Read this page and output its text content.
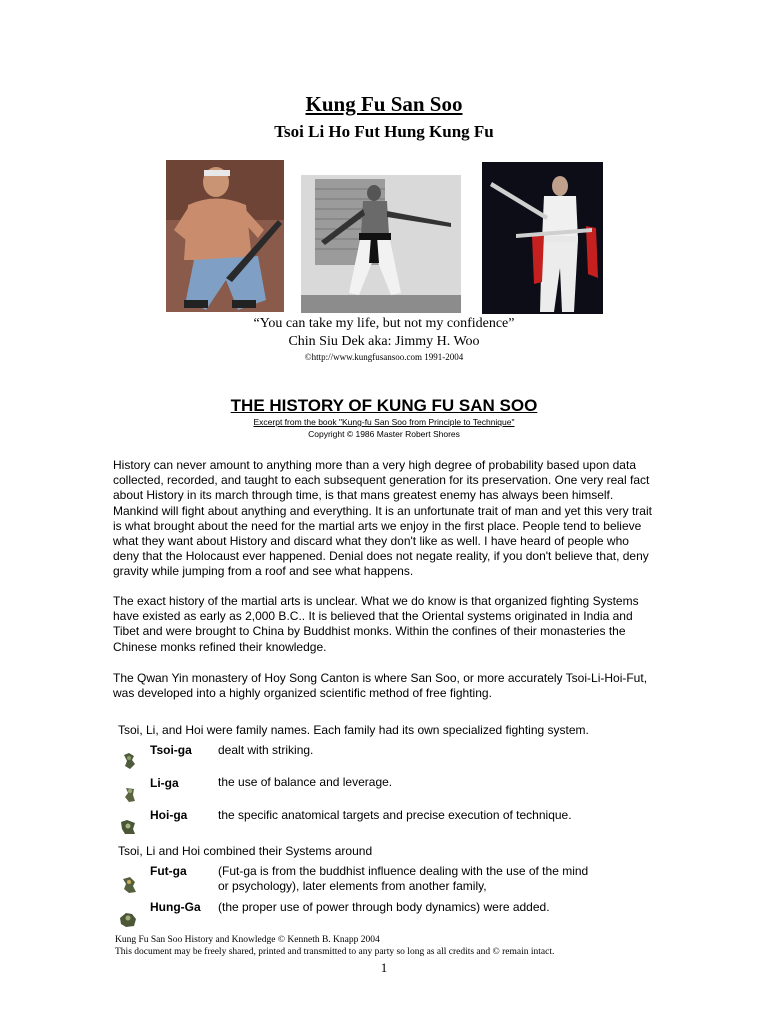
Kung Fu San Soo
Tsoi Li Ho Fut Hung Kung Fu
“You can take my life, but not my confidence”
Chin Siu Dek aka: Jimmy H. Woo
©http://www.kungfusansoo.com 1991-2004
THE HISTORY OF KUNG FU SAN SOO
Excerpt from the book "Kung-fu San Soo from Principle to Technique"
Copyright © 1986 Master Robert Shores

History can never amount to anything more than a very high degree of probability based upon data collected, recorded, and taught to each subsequent generation for its preservation. One very real fact about History in its march through time, is that mans greatest enemy has always been himself. Mankind will fight about anything and everything. It is an unfortunate trait of man and yet this very trait is what brought about the need for the martial arts we enjoy in the first place. People tend to believe what they want about History and discard what they don't like as well. I have heard of people who deny that the Holocaust ever happened. Denial does not negate reality, if you don't believe that, deny gravity while jumping from a roof and see what happens.

The exact history of the martial arts is unclear. What we do know is that organized fighting Systems have existed as early as 2,000 B.C.. It is believed that the Oriental systems originated in India and Tibet and were brought to China by Buddhist monks. Within the confines of their monasteries the Chinese monks refined their knowledge.

The Qwan Yin monastery of Hoy Song Canton is where San Soo, or more accurately Tsoi-Li-Hoi-Fut, was developed into a highly organized scientific method of free fighting.

Tsoi, Li, and Hoi were family names. Each family had its own specialized fighting system.
Tsoi-ga dealt with striking.
Li-ga	the use of balance and leverage.
Hoi-ga	the specific anatomical targets and precise execution of technique.
Tsoi, Li and Hoi combined their Systems around
Fut-ga	(Fut-ga is from the buddhist influence dealing with the use of the mind
or psychology), later elements from another family,
Hung-Ga (the proper use of power through body dynamics) were added.
Kung Fu San Soo History and Knowledge © Kenneth B. Knapp 2004
This document may be freely shared, printed and transmitted to any party so long as all credits and © remain intact.
1
